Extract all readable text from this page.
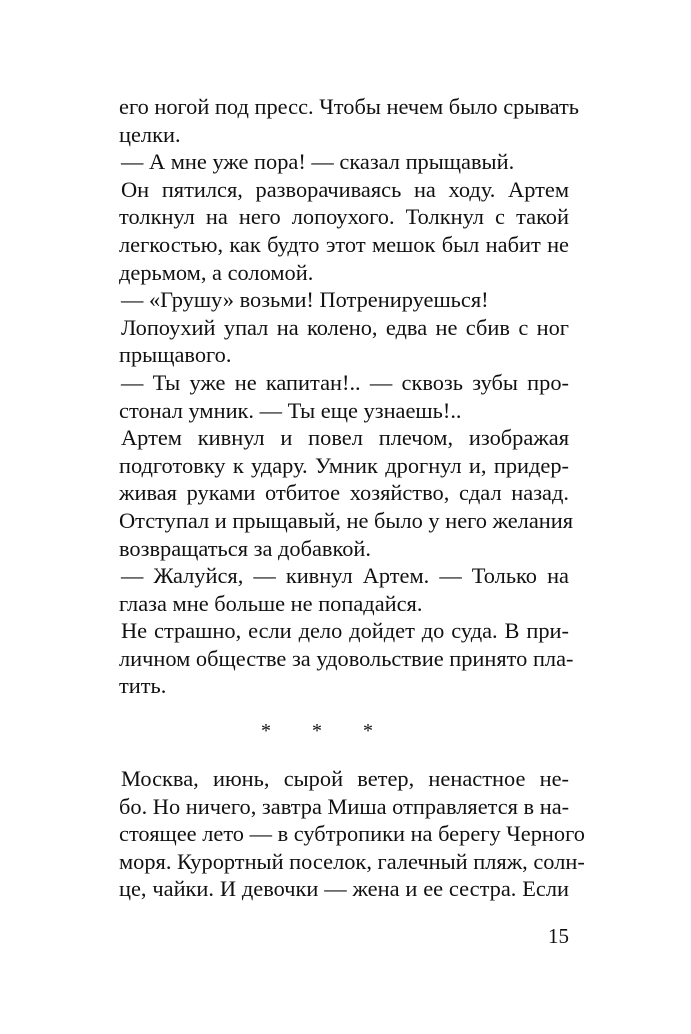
его ногой под пресс. Чтобы нечем было срывать
целки.
— А мне уже пора! — сказал прыщавый.
Он пятился, разворачиваясь на ходу. Артем
толкнул на него лопоухого. Толкнул с такой
легкостью, как будто этот мешок был набит не
дерьмом, а соломой.
— «Грушу» возьми! Потренируешься!
Лопоухий упал на колено, едва не сбив с ног
прыщавого.
— Ты уже не капитан!.. — сквозь зубы про-
стонал умник. — Ты еще узнаешь!..
Артем кивнул и повел плечом, изображая
подготовку к удару. Умник дрогнул и, придер-
живая руками отбитое хозяйство, сдал назад.
Отступал и прыщавый, не было у него желания
возвращаться за добавкой.
— Жалуйся, — кивнул Артем. — Только на
глаза мне больше не попадайся.
Не страшно, если дело дойдет до суда. В при-
личном обществе за удовольствие принято пла-
тить.
* * *
Москва, июнь, сырой ветер, ненастное не-
бо. Но ничего, завтра Миша отправляется в на-
стоящее лето — в субтропики на берегу Черного
моря. Курортный поселок, галечный пляж, солн-
це, чайки. И девочки — жена и ее сестра. Если
15
